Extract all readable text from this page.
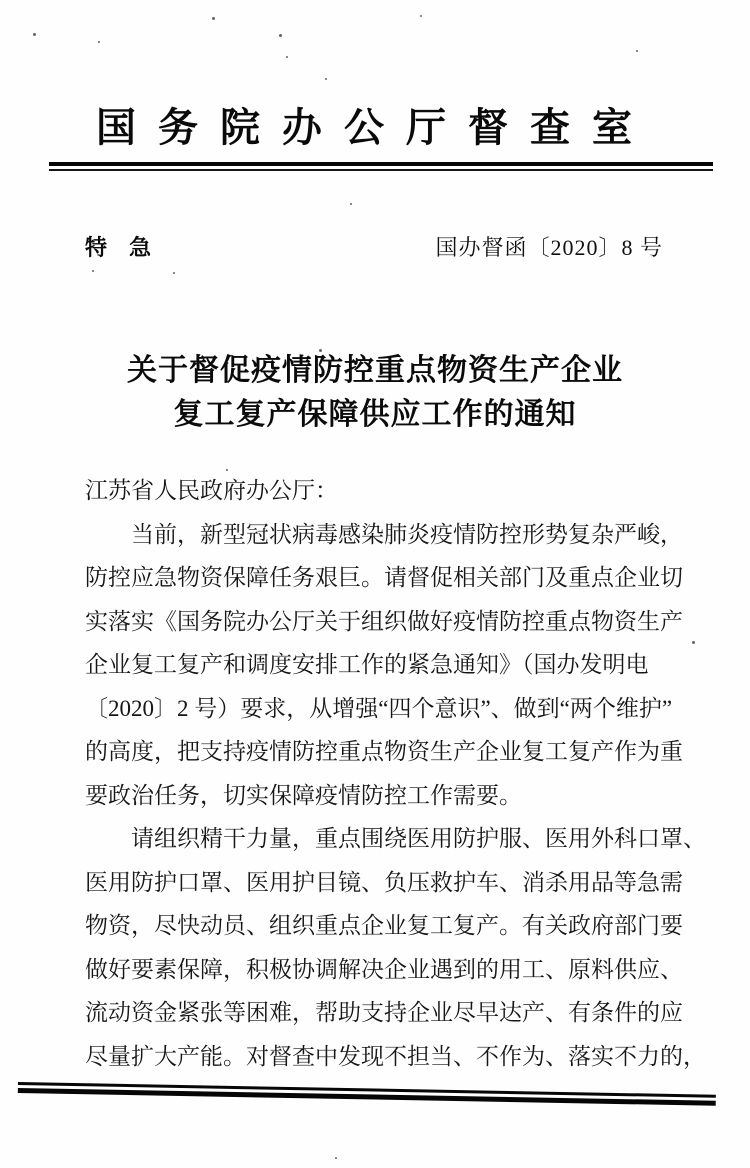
国务院办公厅督查室
特　急	国办督函〔2020〕8 号
关于督促疫情防控重点物资生产企业
复工复产保障供应工作的通知
江苏省人民政府办公厅：
当前，新型冠状病毒感染肺炎疫情防控形势复杂严峻，
防控应急物资保障任务艰巨。请督促相关部门及重点企业切
实落实《国务院办公厅关于组织做好疫情防控重点物资生产
企业复工复产和调度安排工作的紧急通知》（国办发明电
〔2020〕2 号）要求，从增强“四个意识”、做到“两个维护”
的高度，把支持疫情防控重点物资生产企业复工复产作为重
要政治任务，切实保障疫情防控工作需要。
请组织精干力量，重点围绕医用防护服、医用外科口罩、
医用防护口罩、医用护目镜、负压救护车、消杀用品等急需
物资，尽快动员、组织重点企业复工复产。有关政府部门要
做好要素保障，积极协调解决企业遇到的用工、原料供应、
流动资金紧张等困难，帮助支持企业尽早达产、有条件的应
尽量扩大产能。对督查中发现不担当、不作为、落实不力的，
